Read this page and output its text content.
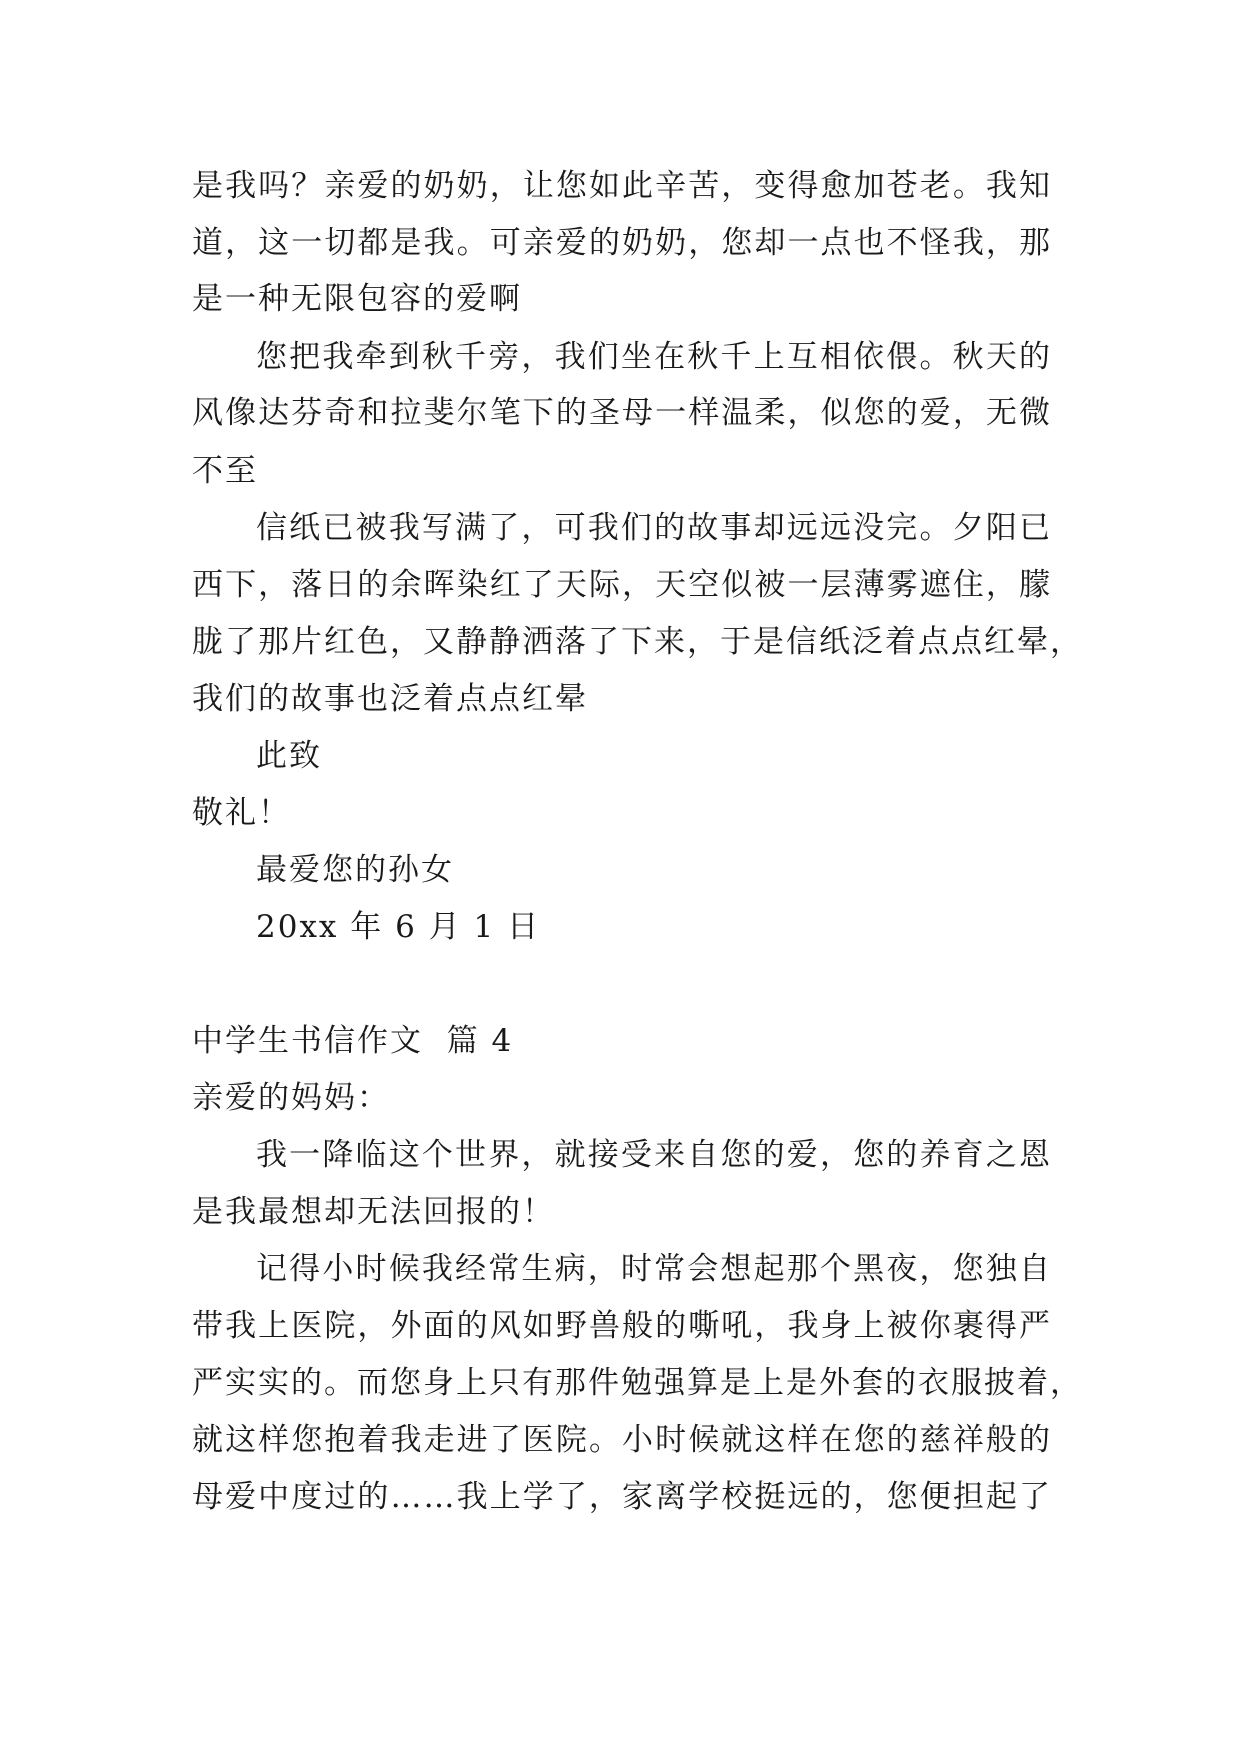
是我吗？亲爱的奶奶，让您如此辛苦，变得愈加苍老。我知
道，这一切都是我。可亲爱的奶奶，您却一点也不怪我，那
是一种无限包容的爱啊
您把我牵到秋千旁，我们坐在秋千上互相依偎。秋天的
风像达芬奇和拉斐尔笔下的圣母一样温柔，似您的爱，无微
不至
信纸已被我写满了，可我们的故事却远远没完。夕阳已
西下，落日的余晖染红了天际，天空似被一层薄雾遮住，朦
胧了那片红色，又静静洒落了下来，于是信纸泛着点点红晕，
我们的故事也泛着点点红晕
此致
敬礼！
最爱您的孙女
20xx 年 6 月 1 日
中学生书信作文  篇 4
亲爱的妈妈：
我一降临这个世界，就接受来自您的爱，您的养育之恩
是我最想却无法回报的！
记得小时候我经常生病，时常会想起那个黑夜，您独自
带我上医院，外面的风如野兽般的嘶吼，我身上被你裹得严
严实实的。而您身上只有那件勉强算是上是外套的衣服披着，
就这样您抱着我走进了医院。小时候就这样在您的慈祥般的
母爱中度过的……我上学了，家离学校挺远的，您便担起了
